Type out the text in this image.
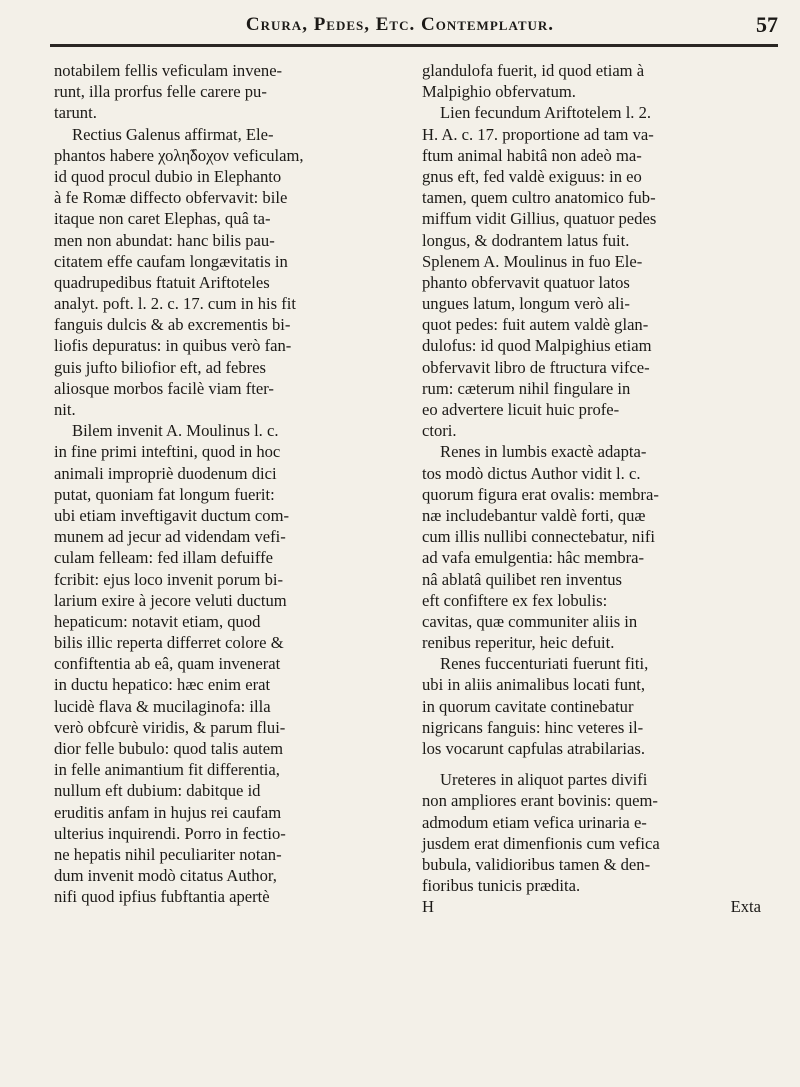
Crura, Pedes, Etc. Contemplatur.	57
notabilem fellis veficulam invene-
runt, illa prorfus felle carere pu-
tarunt.
Rectius Galenus affirmat, Ele-
phantos habere χολη̃δοχον veficulam,
id quod procul dubio in Elephanto
à fe Romæ diffecto obfervavit: bile
itaque non caret Elephas, quâ ta-
men non abundat: hanc bilis pau-
citatem effe caufam longævitatis in
quadrupedibus ftatuit Ariftoteles
analyt. poft. l. 2. c. 17. cum in his fit
fanguis dulcis & ab excrementis bi-
liofis depuratus: in quibus verò fan-
guis jufto biliofior eft, ad febres
aliosque morbos facilè viam fter-
nit.
Bilem invenit A. Moulinus l. c.
in fine primi inteftini, quod in hoc
animali impropriè duodenum dici
putat, quoniam fat longum fuerit:
ubi etiam inveftigavit ductum com-
munem ad jecur ad videndam vefi-
culam felleam: fed illam defuiffe
fcribit: ejus loco invenit porum bi-
larium exire à jecore veluti ductum
hepaticum: notavit etiam, quod
bilis illic reperta differret colore &
confiftentia ab eâ, quam invenerat
in ductu hepatico: hæc enim erat
lucidè flava & mucilaginofa: illa
verò obfcurè viridis, & parum flui-
dior felle bubulo: quod talis autem
in felle animantium fit differentia,
nullum eft dubium: dabitque id
eruditis anfam in hujus rei caufam
ulterius inquirendi. Porro in fectio-
ne hepatis nihil peculiariter notan-
dum invenit modò citatus Author,
nifi quod ipfius fubftantia apertè
glandulofa fuerit, id quod etiam à
Malpighio obfervatum.
Lien fecundum Ariftotelem l. 2.
H. A. c. 17. proportione ad tam va-
ftum animal habitâ non adeò ma-
gnus eft, fed valdè exiguus: in eo
tamen, quem cultro anatomico fub-
miffum vidit Gillius, quatuor pedes
longus, & dodrantem latus fuit.
Splenem A. Moulinus in fuo Ele-
phanto obfervavit quatuor latos
ungues latum, longum verò ali-
quot pedes: fuit autem valdè glan-
dulofus: id quod Malpighius etiam
obfervavit libro de ftructura vifce-
rum: cæterum nihil fingulare in
eo advertere licuit huic profe-
ctori.
Renes in lumbis exactè adapta-
tos modò dictus Author vidit l. c.
quorum figura erat ovalis: membra-
næ includebantur valdè forti, quæ
cum illis nullibi connectebatur, nifi
ad vafa emulgentia: hâc membra-
nâ ablatâ quilibet ren inventus
eft confiftere ex fex lobulis:
cavitas, quæ communiter aliis in
renibus reperitur, heic defuit.
Renes fuccenturiati fuerunt fiti,
ubi in aliis animalibus locati funt,
in quorum cavitate continebatur
nigricans fanguis: hinc veteres il-
los vocarunt capfulas atrabilarias.
Ureteres in aliquot partes divifi
non ampliores erant bovinis: quem-
admodum etiam vefica urinaria e-
jusdem erat dimenfionis cum vefica
bubula, validioribus tamen & den-
fioribus tunicis prædita.
H	Exta
